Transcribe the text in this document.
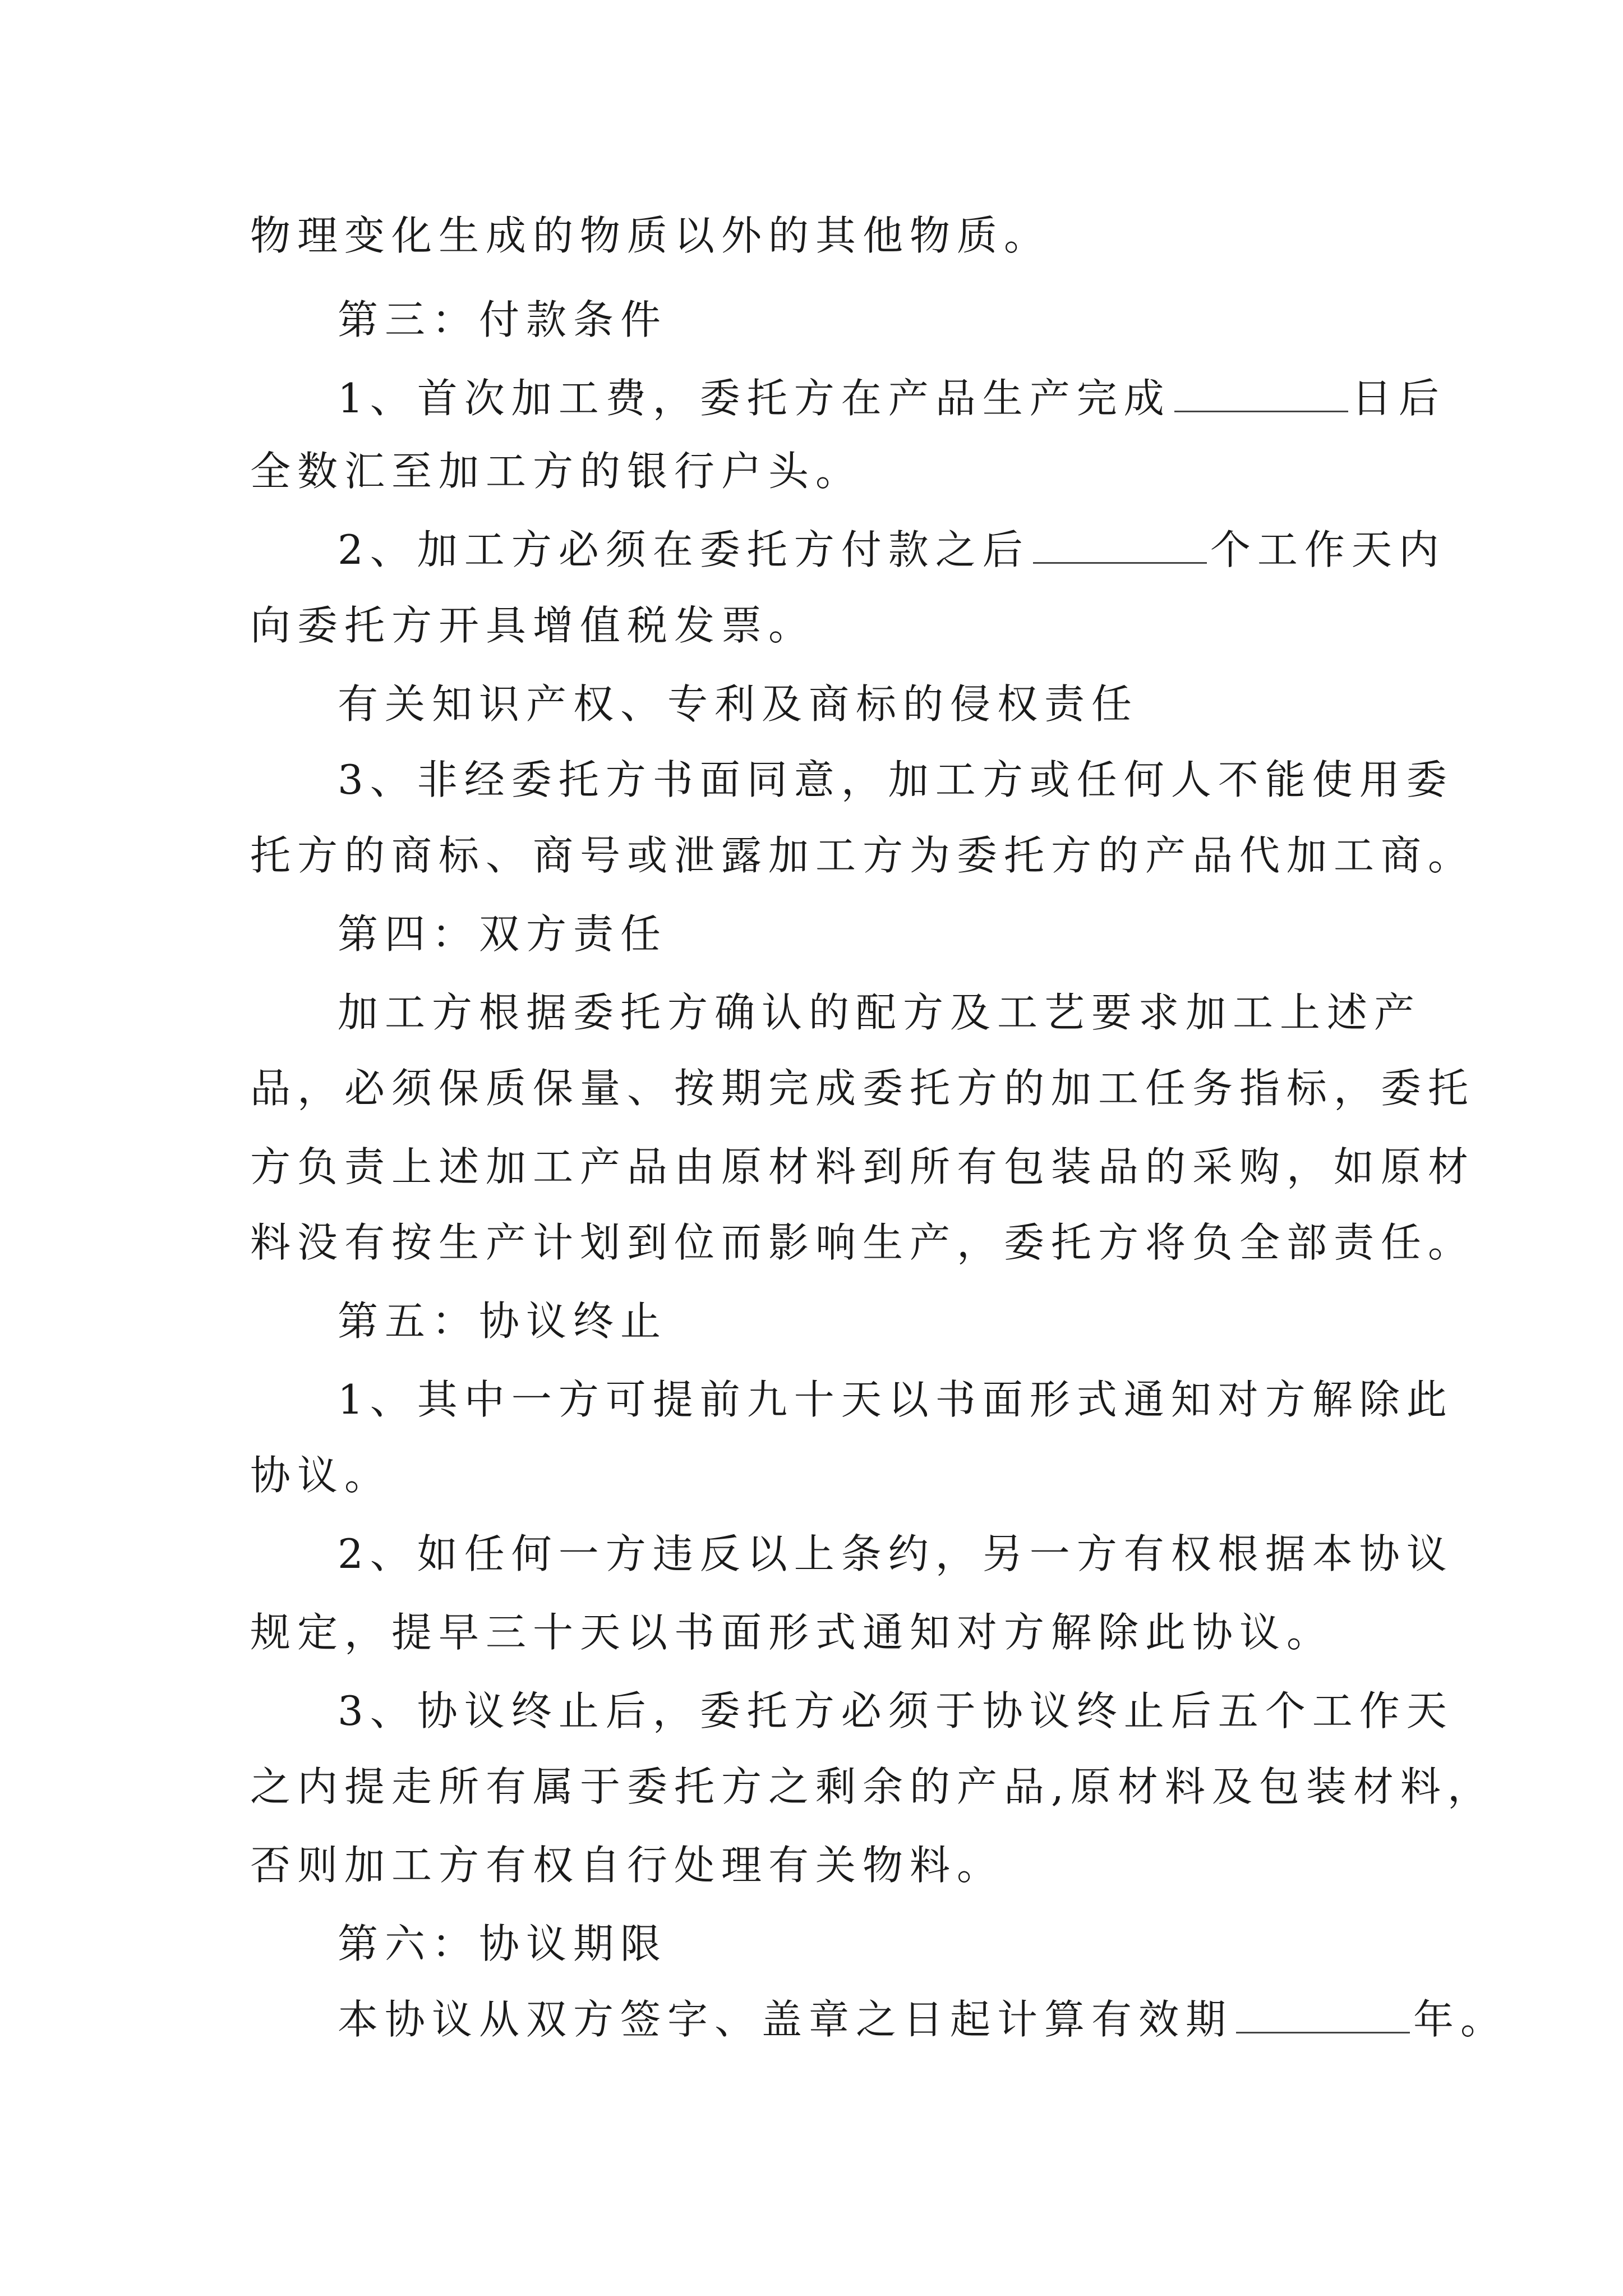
物理变化生成的物质以外的其他物质。
第三：付款条件
1、首次加工费，委托方在产品生产完成	日后
全数汇至加工方的银行户头。
2、加工方必须在委托方付款之后	个工作天内
向委托方开具增值税发票。
有关知识产权、专利及商标的侵权责任
3、非经委托方书面同意，加工方或任何人不能使用委
托方的商标、商号或泄露加工方为委托方的产品代加工商。
第四：双方责任
加工方根据委托方确认的配方及工艺要求加工上述产
品，必须保质保量、按期完成委托方的加工任务指标，委托
方负责上述加工产品由原材料到所有包装品的采购，如原材
料没有按生产计划到位而影响生产，委托方将负全部责任。
第五：协议终止
1、其中一方可提前九十天以书面形式通知对方解除此
协议。
2、如任何一方违反以上条约，另一方有权根据本协议
规定，提早三十天以书面形式通知对方解除此协议。
3、协议终止后，委托方必须于协议终止后五个工作天
之内提走所有属于委托方之剩余的产品,原材料及包装材料，
否则加工方有权自行处理有关物料。
第六：协议期限
本协议从双方签字、盖章之日起计算有效期	年。
